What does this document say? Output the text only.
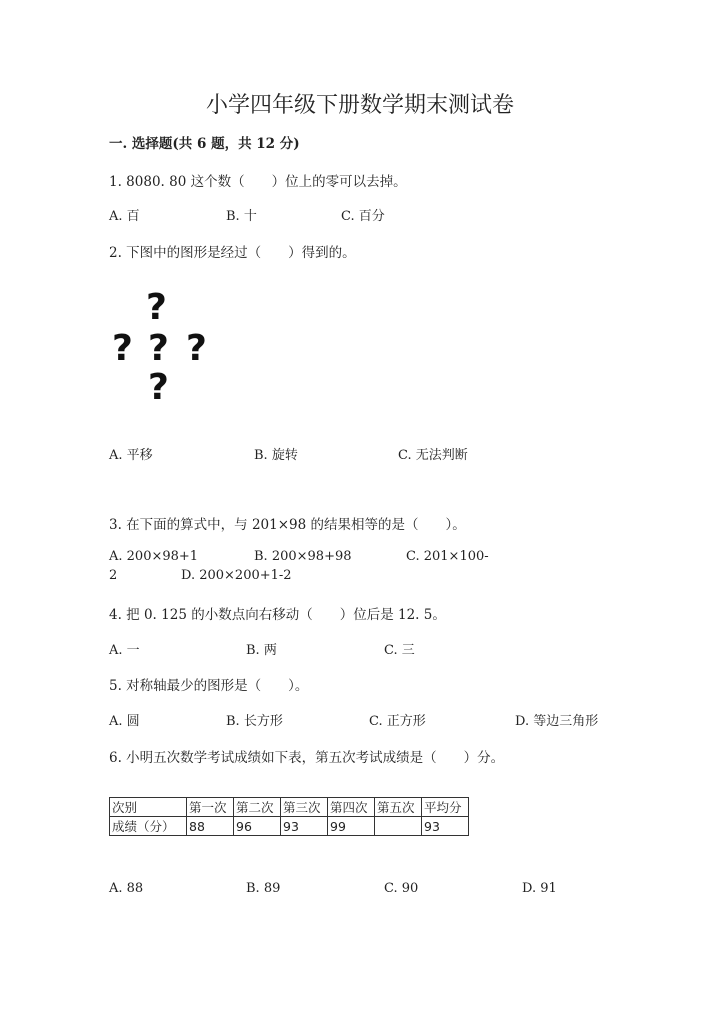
小学四年级下册数学期末测试卷
一. 选择题(共 6 题，共 12 分)
1. 8080. 80 这个数（　　）位上的零可以去掉。
A. 百	B. 十	C. 百分
2. 下图中的图形是经过（　　）得到的。
?
? ? ?
?
A. 平移	B. 旋转	C. 无法判断
3. 在下面的算式中，与 201×98 的结果相等的是（　　）。
A. 200×98+1	B. 200×98+98	C. 201×100-
2	D. 200×200+1-2
4. 把 0. 125 的小数点向右移动（　　）位后是 12. 5。
A. 一	B. 两	C. 三
5. 对称轴最少的图形是（　　）。
A. 圆	B. 长方形	C. 正方形	D. 等边三角形
6. 小明五次数学考试成绩如下表，第五次考试成绩是（　　）分。
次别	第一次	第二次	第三次	第四次	第五次	平均分
成绩（分）	88	96	93	99		93
A. 88	B. 89	C. 90	D. 91
